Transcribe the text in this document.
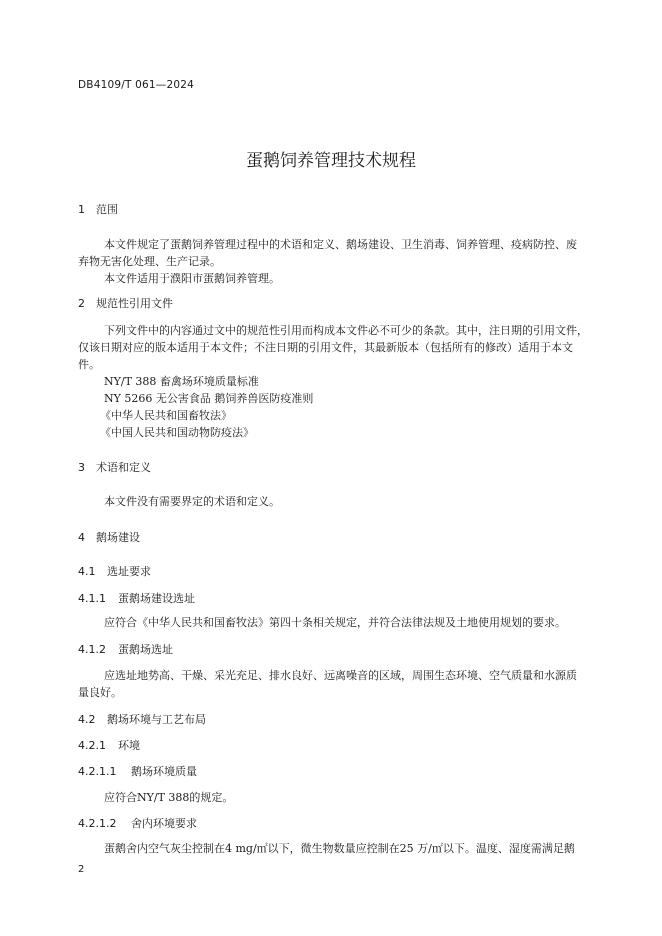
DB4109/T 061—2024
蛋鹅饲养管理技术规程
1 范围
本文件规定了蛋鹅饲养管理过程中的术语和定义、鹅场建设、卫生消毒、饲养管理、疫病防控、废
弃物无害化处理、生产记录。
本文件适用于濮阳市蛋鹅饲养管理。
2 规范性引用文件
下列文件中的内容通过文中的规范性引用而构成本文件必不可少的条款。其中，注日期的引用文件，
仅该日期对应的版本适用于本文件；不注日期的引用文件，其最新版本（包括所有的修改）适用于本文
件。
NY/T 388 畜禽场环境质量标准
NY 5266 无公害食品 鹅饲养兽医防疫准则
《中华人民共和国畜牧法》
《中国人民共和国动物防疫法》
3 术语和定义
本文件没有需要界定的术语和定义。
4 鹅场建设
4.1 选址要求
4.1.1 蛋鹅场建设选址
应符合《中华人民共和国畜牧法》第四十条相关规定，并符合法律法规及土地使用规划的要求。
4.1.2 蛋鹅场选址
应选址地势高、干燥、采光充足、排水良好、远离噪音的区域，周围生态环境、空气质量和水源质
量良好。
4.2 鹅场环境与工艺布局
4.2.1 环境
4.2.1.1 鹅场环境质量
应符合NY/T 388的规定。
4.2.1.2 舍内环境要求
蛋鹅舍内空气灰尘控制在4 mg/㎡以下，微生物数量应控制在25 万/㎡以下。温度、湿度需满足鹅
2
